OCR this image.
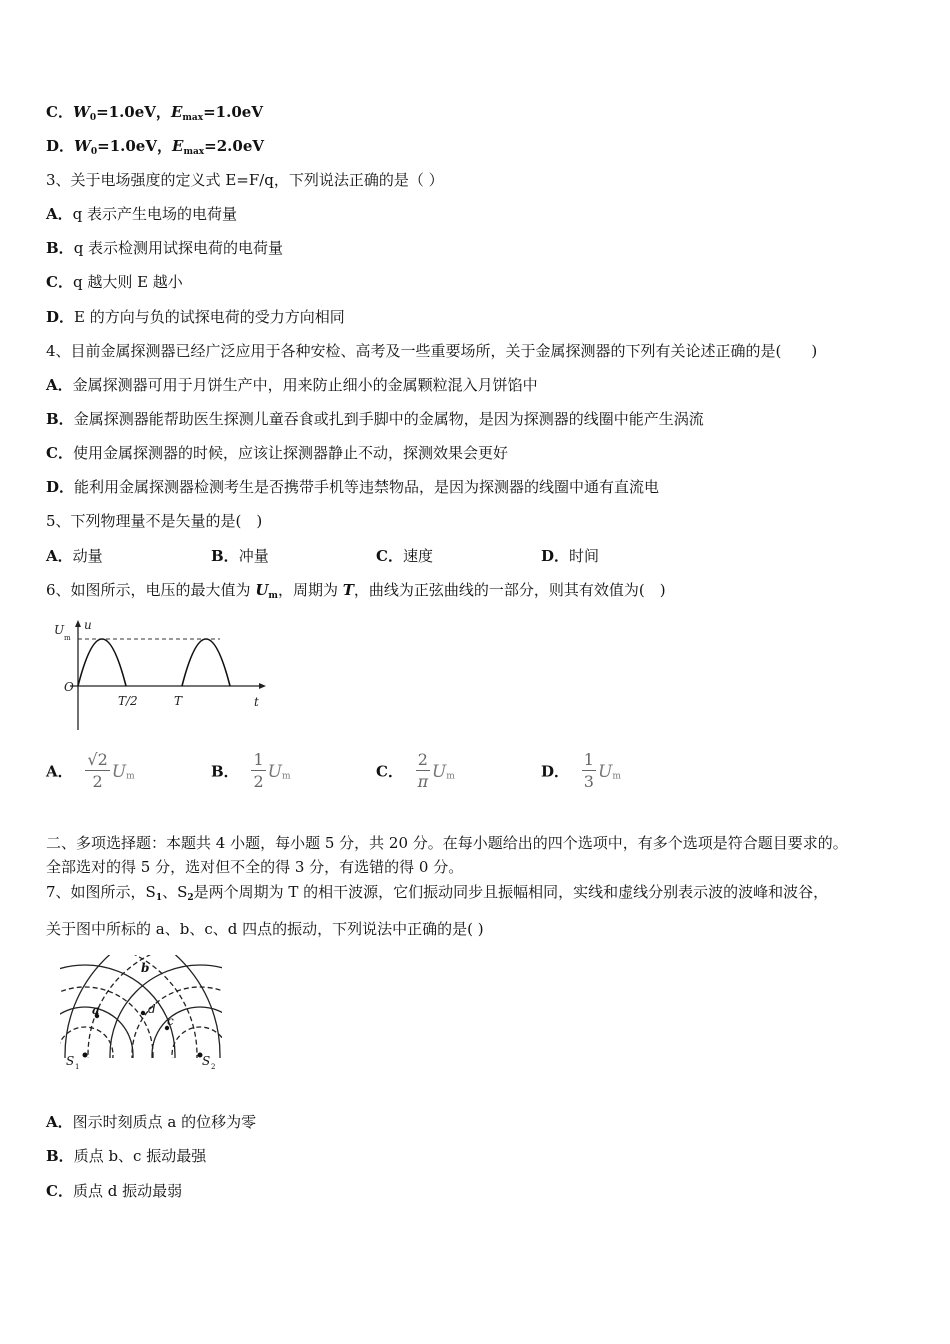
C．$W_0=1.0eV$，$E_{max}=1.0eV$
D．$W_0=1.0eV$，$E_{max}=2.0eV$
3、关于电场强度的定义式 E=F/q，下列说法正确的是（ ）
A．q 表示产生电场的电荷量
B．q 表示检测用试探电荷的电荷量
C．q 越大则 E 越小
D．E 的方向与负的试探电荷的受力方向相同
4、目前金属探测器已经广泛应用于各种安检、高考及一些重要场所，关于金属探测器的下列有关论述正确的是(　　)
A．金属探测器可用于月饼生产中，用来防止细小的金属颗粒混入月饼馅中
B．金属探测器能帮助医生探测儿童吞食或扎到手脚中的金属物，是因为探测器的线圈中能产生涡流
C．使用金属探测器的时候，应该让探测器静止不动，探测效果会更好
D．能利用金属探测器检测考生是否携带手机等违禁物品，是因为探测器的线圈中通有直流电
5、下列物理量不是矢量的是(　)
A．动量	B．冲量	C．速度	D．时间
6、如图所示，电压的最大值为 $U_m$，周期为 T，曲线为正弦曲线的一部分，则其有效值为(　)
U
m
u
O
T/2	T	t
A． $\frac{√2}{2} U_m$	B． $\frac{1}{2} U_m$	C． $\frac{2}{\pi} U_m$	D． $\frac{1}{3} U_m$
二、多项选择题：本题共 4 小题，每小题 5 分，共 20 分。在每小题给出的四个选项中，有多个选项是符合题目要求的。
全部选对的得 5 分，选对但不全的得 3 分，有选错的得 0 分。
7、如图所示，$S_1$、$S_2$是两个周期为 T 的相干波源，它们振动同步且振幅相同，实线和虚线分别表示波的波峰和波谷，
关于图中所标的 a、b、c、d 四点的振动，下列说法中正确的是( )
b
a	d
c
S 1	S 2
A．图示时刻质点 a 的位移为零
B．质点 b、c 振动最强
C．质点 d 振动最弱
